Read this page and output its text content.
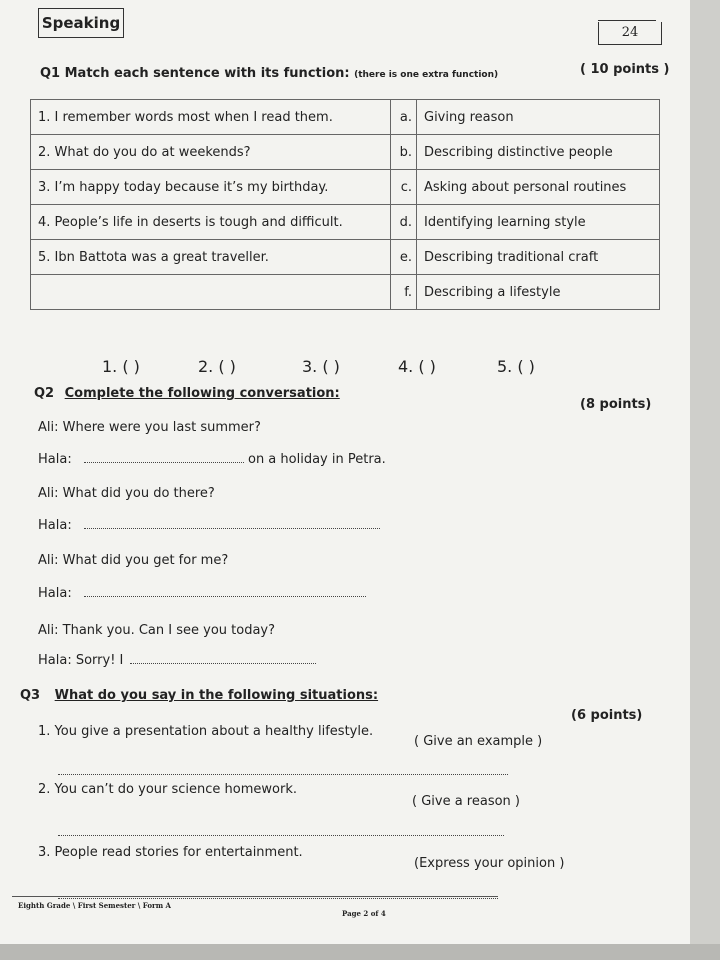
Speaking
24
Q1 Match each sentence with its function: (there is one extra function)	( 10 points )
1. I remember words most when I read them.	a.	Giving reason
2. What do you do at weekends?	b.	Describing distinctive people
3. I’m happy today because it’s my birthday.	c.	Asking about personal routines
4. People’s life in deserts is tough and difficult.	d.	Identifying learning style
5. Ibn Battota was a great traveller.	e.	Describing traditional craft
	f.	Describing a lifestyle
1. ( )	2. ( )	3. ( )	4. ( )	5. ( )
Q2 Complete the following conversation:
(8 points)
Ali: Where were you last summer?
Hala:	on a holiday in Petra.
Ali: What did you do there?
Hala:
Ali: What did you get for me?
Hala:
Ali: Thank you. Can I see you today?
Hala: Sorry! I
Q3 What do you say in the following situations:
(6 points)
1. You give a presentation about a healthy lifestyle.
( Give an example )
2. You can’t do your science homework.
( Give a reason )
3. People read stories for entertainment.
(Express your opinion )
Eighth Grade \ First Semester \ Form A
Page 2 of 4
